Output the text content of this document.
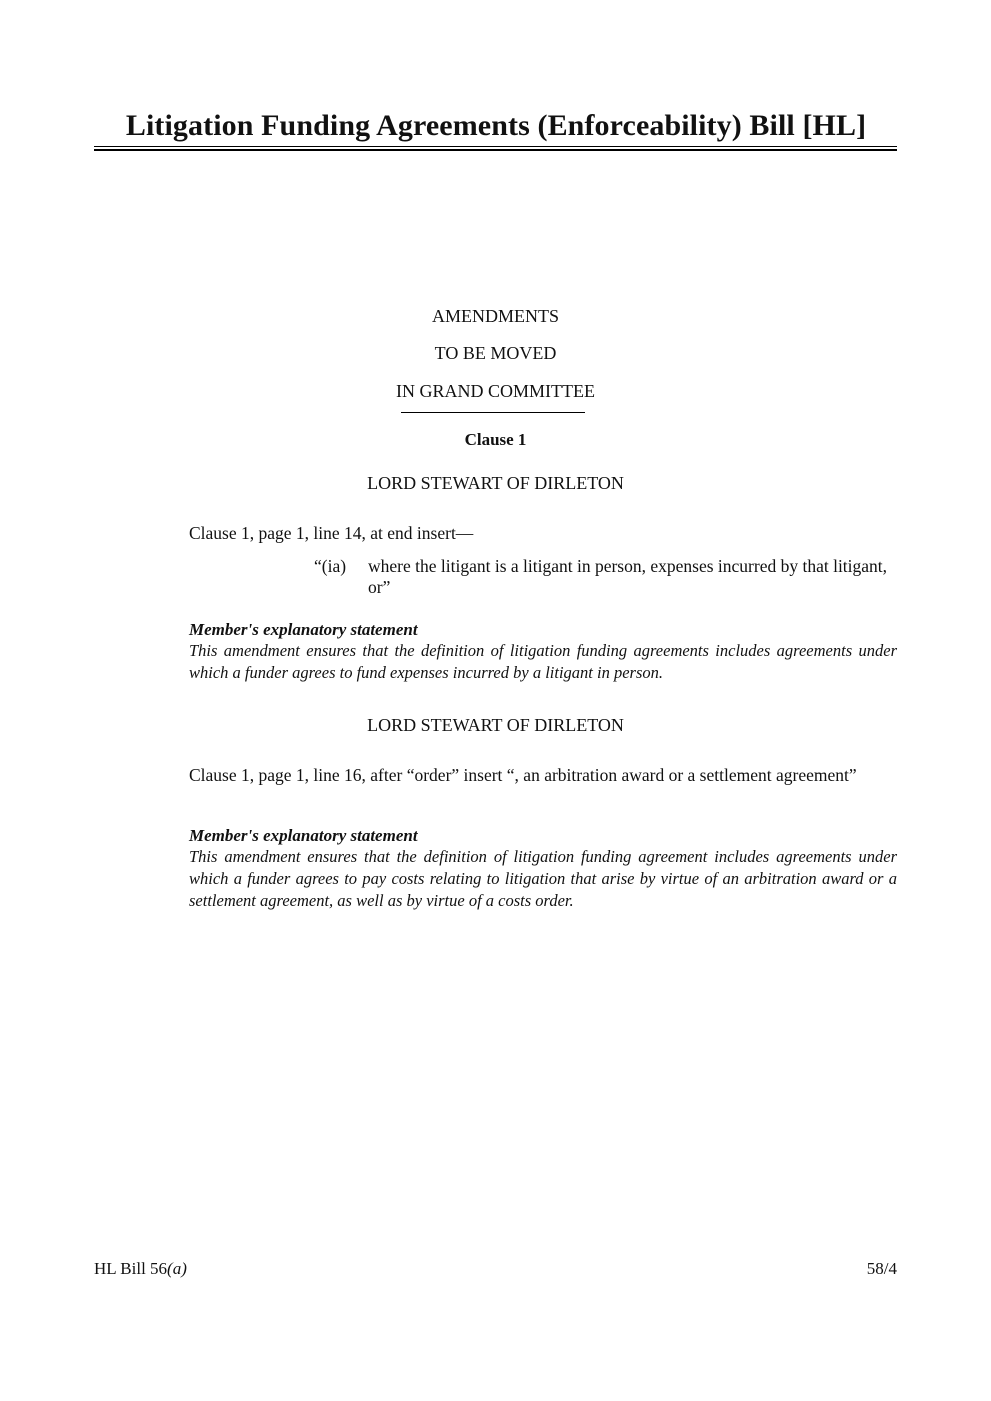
Litigation Funding Agreements (Enforceability) Bill [HL]
AMENDMENTS
TO BE MOVED
IN GRAND COMMITTEE
Clause 1
LORD STEWART OF DIRLETON
Clause 1, page 1, line 14, at end insert—
“(ia) where the litigant is a litigant in person, expenses incurred by that litigant, or”
Member's explanatory statement
This amendment ensures that the definition of litigation funding agreements includes agreements under which a funder agrees to fund expenses incurred by a litigant in person.
LORD STEWART OF DIRLETON
Clause 1, page 1, line 16, after “order” insert “, an arbitration award or a settlement agreement”
Member's explanatory statement
This amendment ensures that the definition of litigation funding agreement includes agreements under which a funder agrees to pay costs relating to litigation that arise by virtue of an arbitration award or a settlement agreement, as well as by virtue of a costs order.
HL Bill 56(a)	58/4
